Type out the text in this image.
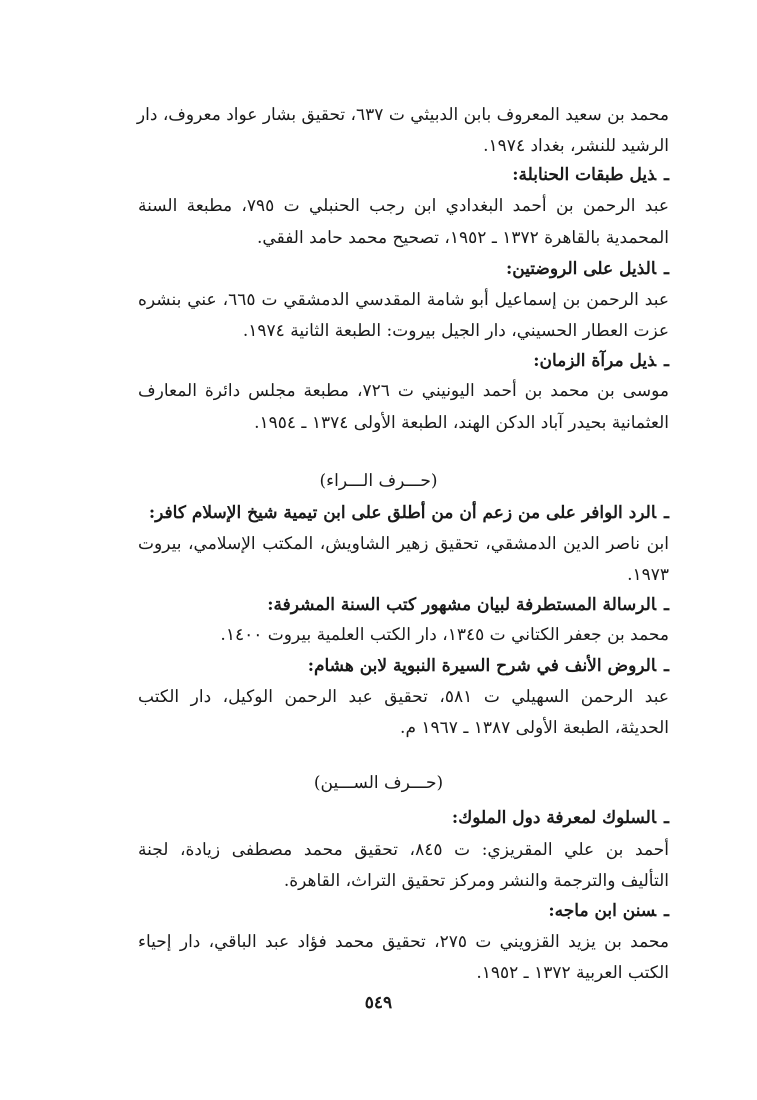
محمد بن سعيد المعروف بابن الدبيثي ت ٦٣٧، تحقيق بشار عواد معروف، دار
الرشيد للنشر، بغداد ١٩٧٤.
ـذيل طبقات الحنابلة:
عبد الرحمن بن أحمد البغدادي ابن رجب الحنبلي ت ٧٩٥، مطبعة السنة
المحمدية بالقاهرة ١٣٧٢ ـ ١٩٥٢، تصحيح محمد حامد الفقي.
ـالذيل على الروضتين:
عبد الرحمن بن إسماعيل أبو شامة المقدسي الدمشقي ت ٦٦٥، عني بنشره
عزت العطار الحسيني، دار الجيل بيروت: الطبعة الثانية ١٩٧٤.
ـذيل مرآة الزمان:
موسى بن محمد بن أحمد اليونيني ت ٧٢٦، مطبعة مجلس دائرة المعارف
العثمانية بحيدر آباد الدكن الهند، الطبعة الأولى ١٣٧٤ ـ ١٩٥٤.
(حـــرف الـــراء)
ـالرد الوافر على من زعم أن من أطلق على ابن تيمية شيخ الإسلام كافر:
ابن ناصر الدين الدمشقي، تحقيق زهير الشاويش، المكتب الإسلامي، بيروت
١٩٧٣.
ـالرسالة المستطرفة لبيان مشهور كتب السنة المشرفة:
محمد بن جعفر الكتاني ت ١٣٤٥، دار الكتب العلمية بيروت ١٤٠٠.
ـالروض الأنف في شرح السيرة النبوية لابن هشام:
عبد الرحمن السهيلي ت ٥٨١، تحقيق عبد الرحمن الوكيل، دار الكتب
الحديثة، الطبعة الأولى ١٣٨٧ ـ ١٩٦٧ م.
(حـــرف الســـين)
ـالسلوك لمعرفة دول الملوك:
أحمد بن علي المقريزي: ت ٨٤٥، تحقيق محمد مصطفى زيادة، لجنة
التأليف والترجمة والنشر ومركز تحقيق التراث، القاهرة.
ـسنن ابن ماجه:
محمد بن يزيد القزويني ت ٢٧٥، تحقيق محمد فؤاد عبد الباقي، دار إحياء
الكتب العربية ١٣٧٢ ـ ١٩٥٢.
٥٤٩
